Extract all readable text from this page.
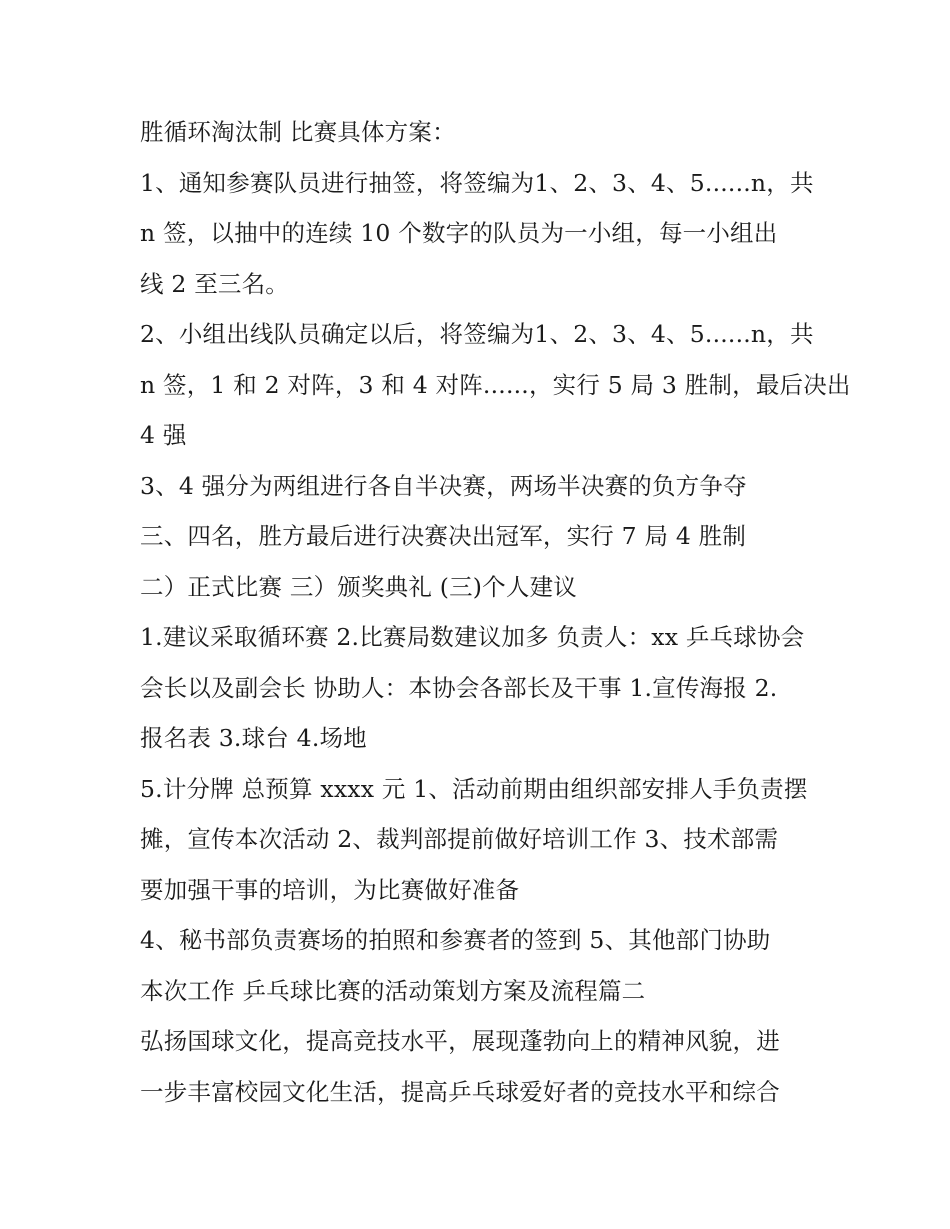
胜循环淘汰制 比赛具体方案：
1、通知参赛队员进行抽签，将签编为1、2、3、4、5......n，共
n 签，以抽中的连续 10 个数字的队员为一小组，每一小组出
线 2 至三名。
2、小组出线队员确定以后，将签编为1、2、3、4、5......n，共
n 签，1 和 2 对阵，3 和 4 对阵......，实行 5 局 3 胜制，最后决出
4 强
3、4 强分为两组进行各自半决赛，两场半决赛的负方争夺
三、四名，胜方最后进行决赛决出冠军，实行 7 局 4 胜制
二）正式比赛 三）颁奖典礼 (三)个人建议
1.建议采取循环赛 2.比赛局数建议加多 负责人：xx 乒乓球协会
会长以及副会长 协助人：本协会各部长及干事 1.宣传海报 2.
报名表 3.球台 4.场地
5.计分牌 总预算 xxxx 元 1、活动前期由组织部安排人手负责摆
摊，宣传本次活动 2、裁判部提前做好培训工作 3、技术部需
要加强干事的培训，为比赛做好准备
4、秘书部负责赛场的拍照和参赛者的签到 5、其他部门协助
本次工作 乒乓球比赛的活动策划方案及流程篇二
弘扬国球文化，提高竞技水平，展现蓬勃向上的精神风貌，进
一步丰富校园文化生活，提高乒乓球爱好者的竞技水平和综合
